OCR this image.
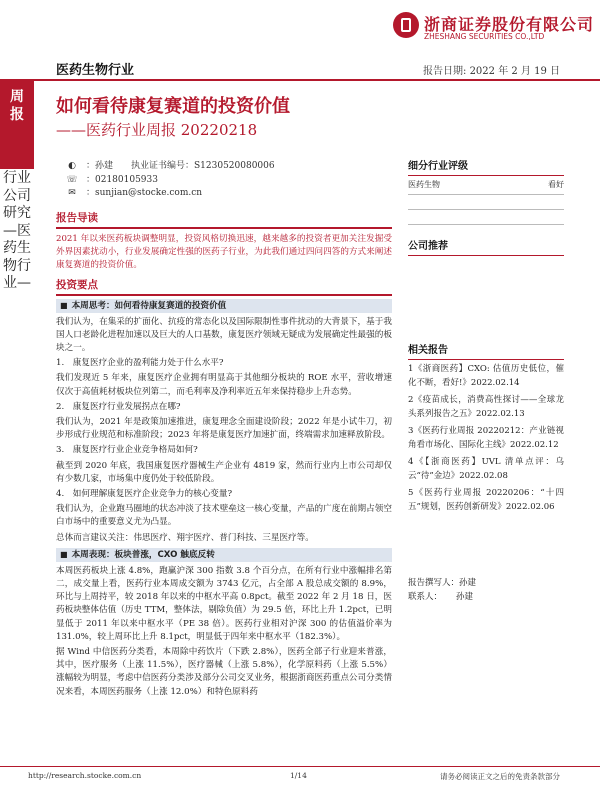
浙商证券股份有限公司
ZHESHANG SECURITIES CO.,LTD
医药生物行业	报告日期: 2022 年 2 月 19 日
周报 如何看待康复赛道的投资价值
——医药行业周报 20220218
行业公司研究—医药生物行业—
◐ ：孙建　　执业证书编号：S1230520080006
☏ ：02180105933
✉ ：sunjian@stocke.com.cn
报告导读
2021 年以来医药板块调整明显，投资风格切换迅速，越来越多的投资者更加关注发掘受外界因素扰动小，行业发展确定性强的医药子行业，为此我们通过四问四答的方式来阐述康复赛道的投资价值。
投资要点
■ 本周思考：如何看待康复赛道的投资价值

我们认为，在集采的扩面化、抗疫的常态化以及国际限制性事件扰动的大背景下，基于我国人口老龄化进程加速以及巨大的人口基数，康复医疗领域无疑成为发展确定性最强的板块之一。

1.　康复医疗企业的盈利能力处于什么水平?

我们发现近 5 年来，康复医疗企业拥有明显高于其他细分板块的 ROE 水平，营收增速仅次于高值耗材板块位列第二，而毛利率及净利率近五年来保持稳步上升态势。

2.　康复医疗行业发展拐点在哪?

我们认为，2021 年是政策加速推进，康复理念全面建设阶段；2022 年是小试牛刀，初步形成行业规范和标准阶段；2023 年将是康复医疗加速扩面，终端需求加速释放阶段。

3.　康复医疗行业企业竞争格局如何?

截至到 2020 年底，我国康复医疗器械生产企业有 4819 家，然而行业内上市公司却仅有少数几家，市场集中度仍处于较低阶段。

4.　如何理解康复医疗企业竞争力的核心变量?

我们认为，企业跑马圈地的状态冲淡了技术壁垒这一核心变量，产品的广度在前期占领空白市场中的重要意义尤为凸显。

总体而言建议关注：伟思医疗、翔宇医疗、普门科技、三星医疗等。

■ 本周表现：板块普涨，CXO 触底反转

本周医药板块上涨 4.8%，跑赢沪深 300 指数 3.8 个百分点，在所有行业中涨幅排名第二，成交量上看，医药行业本周成交额为 3743 亿元，占全部 A 股总成交额的 8.9%，环比与上周持平，较 2018 年以来的中枢水平高 0.8pct。截至 2022 年 2 月 18 日，医药板块整体估值（历史 TTM，整体法，剔除负值）为 29.5 倍，环比上升 1.2pct，已明显低于 2011 年以来中枢水平（PE 38 倍）。医药行业相对沪深 300 的估值溢价率为 131.0%，较上周环比上升 8.1pct，明显低于四年来中枢水平（182.3%）。

据 Wind 中信医药分类看，本周除中药饮片（下跌 2.8%），医药全部子行业迎来普涨，其中，医疗服务（上涨 11.5%），医疗器械（上涨 5.8%），化学原料药（上涨 5.5%）涨幅较为明显，考虑中信医药分类涉及部分公司交叉业务，根据浙商医药重点公司分类情况来看，本周医药服务（上涨 12.0%）和特色原料药

细分行业评级
医药生物	看好
公司推荐
相关报告
1《浙商医药】CXO: 估值历史低位，催化不断，看好!》2022.02.14
2《疫苗成长，消费高性探讨——全球龙头系列报告之五》2022.02.13
3《医药行业周报 20220212：产业链视角看市场化、国际化主线》2022.02.12
4《【浙商医药】UVL 清单点评：乌云“待”金边》2022.02.08
5《医药行业周报 20220206：“十四五”规划，医药创新研发》2022.02.06
报告撰写人：孙建
联系人： 孙建
http://research.stocke.com.cn	1/14	请务必阅读正文之后的免责条款部分
